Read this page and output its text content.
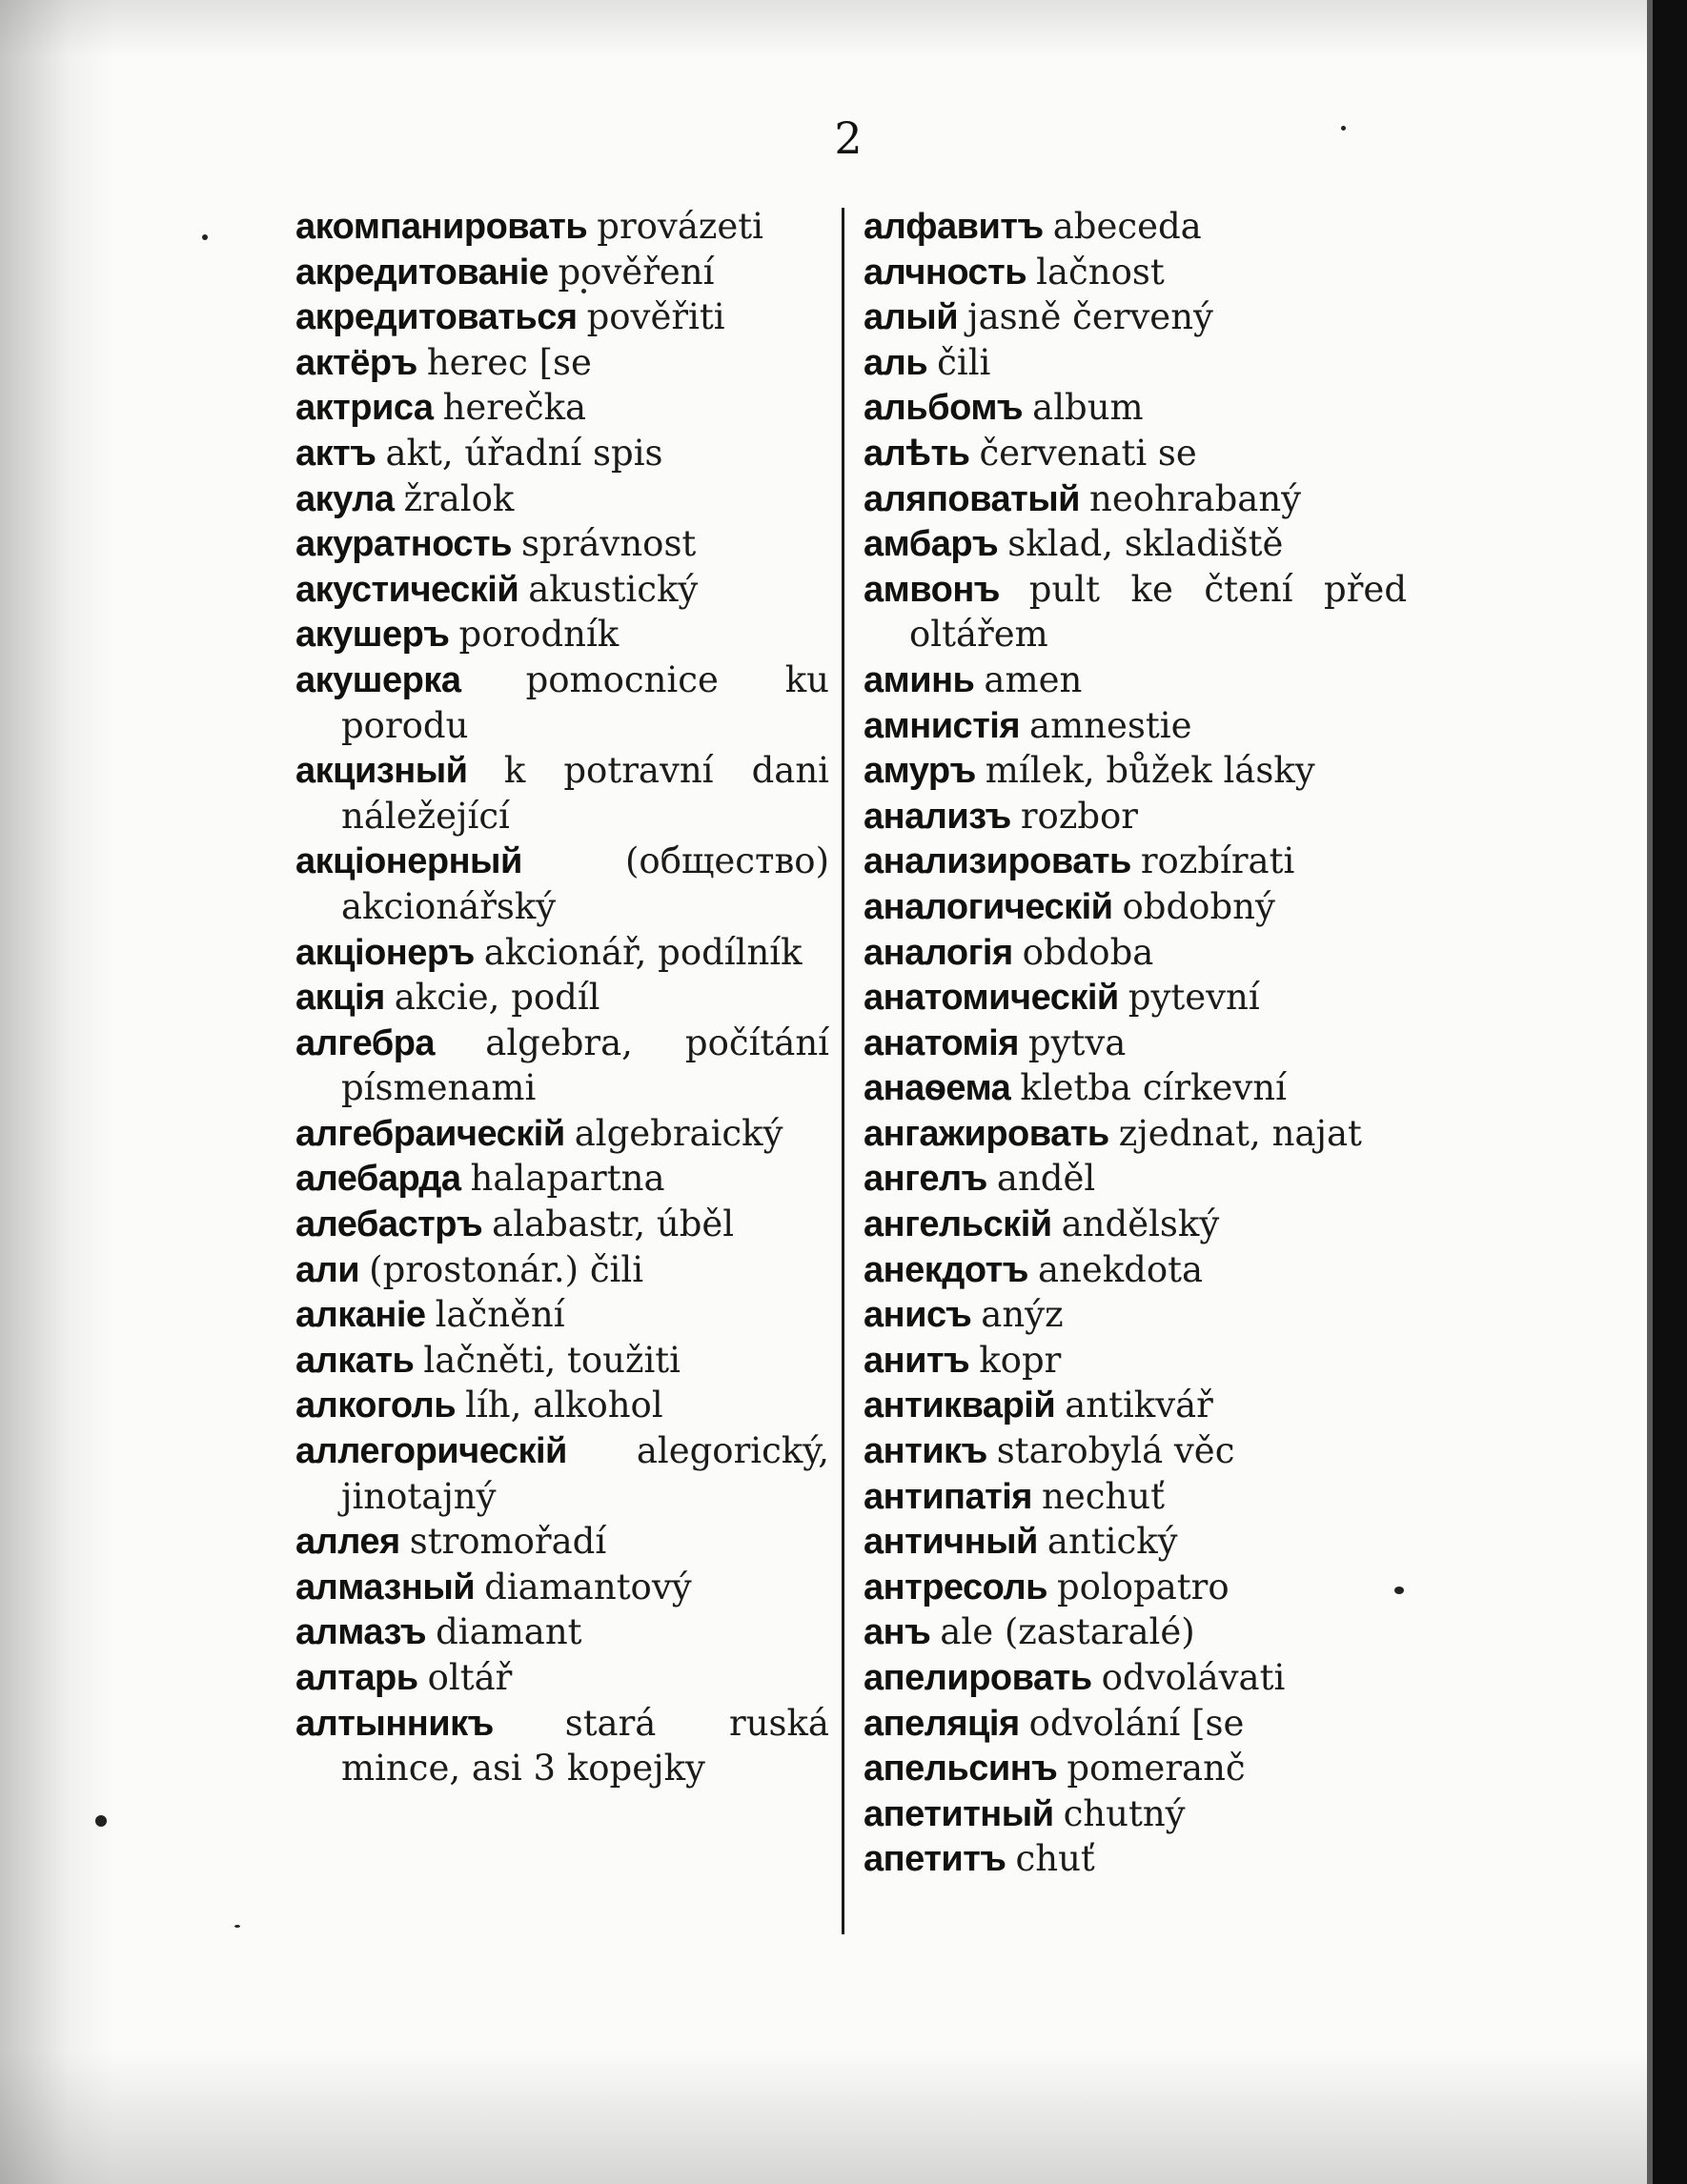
2
акомпанировать provázeti
акредитованіе pověření
акредитоваться pověřiti
актёръ herec [se
актриса herečka
актъ akt, úřadní spis
акула žralok
акуратность správnost
акустическій akustický
акушеръ porodník
акушерка pomocnice ku porodu
акцизный k potravní dani náležející
акціонерный	(общество) akcionářský
акціонеръ akcionář, podílník
акція akcie, podíl
алгебра algebra, počítání písmenami
алгебраическій algebraický
алебарда halapartna
алебастръ alabastr, úběl
али (prostonár.) čili
алканіе lačnění
алкать lačněti, toužiti
алкоголь líh, alkohol
аллегорическій alegorický, jinotajný
аллея stromořadí
алмазный diamantový
алмазъ diamant
алтарь oltář
алтынникъ stará ruská mince, asi 3 kopejky
алфавитъ abeceda
алчность lačnost
алый jasně červený
аль čili
альбомъ album
алѣть červenati se
аляповатый neohrabaný
амбаръ sklad, skladiště
амвонъ pult ke čtení před oltářem
аминь amen
амнистія amnestie
амуръ mílek, bůžek lásky
анализъ rozbor
анализировать rozbírati
аналогическій obdobný
аналогія obdoba
анатомическій pytevní
анатомія pytva
анаѳема kletba církevní
ангажировать zjednat, najat
ангелъ anděl
ангельскій andělský
анекдотъ anekdota
анисъ anýz
анитъ kopr
антикварій antikvář
антикъ starobylá věc
антипатія nechuť
античный antický
антресоль polopatro
анъ ale (zastaralé)
апелировать odvolávati
апеляція odvolání [se
апельсинъ pomeranč
апетитный chutný
апетитъ chuť
